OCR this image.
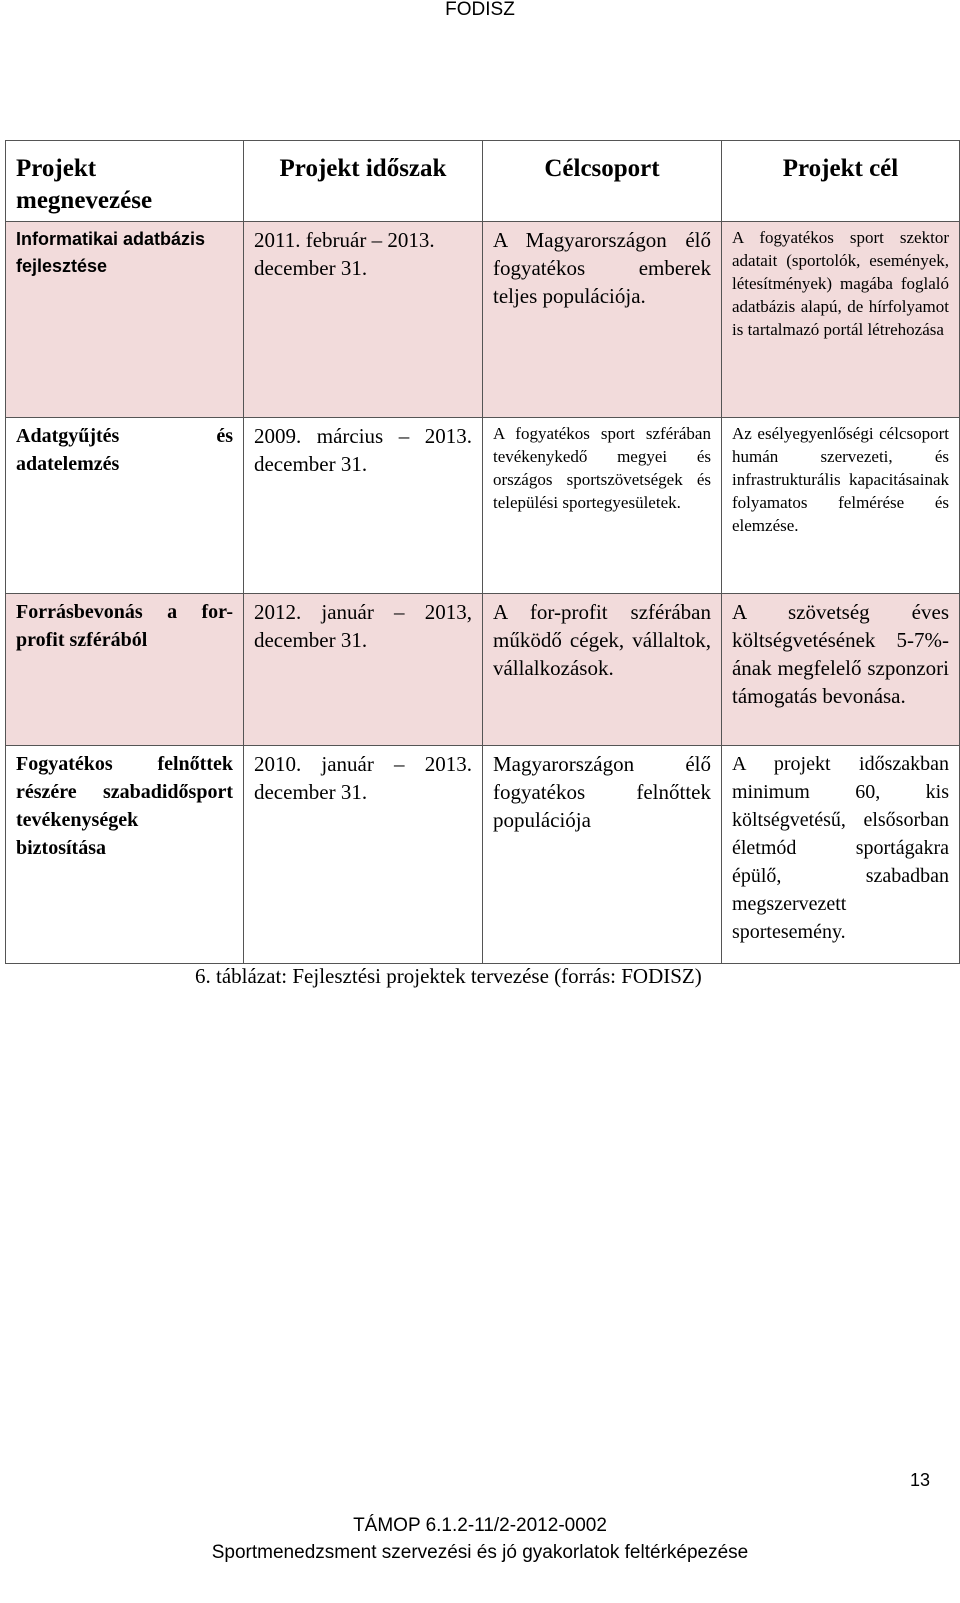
FODISZ
Projekt megnevezése	Projekt időszak	Célcsoport	Projekt cél
Informatikai adatbázis fejlesztése	2011. február – 2013. december 31.	A Magyarországon élő fogyatékos emberek teljes populációja.	A fogyatékos sport szektor adatait (sportolók, események, létesítmények) magába foglaló adatbázis alapú, de hírfolyamot is tartalmazó portál létrehozása
Adatgyűjtés és adatelemzés	2009. március – 2013. december 31.	A fogyatékos sport szférában tevékenykedő megyei és országos sportszövetségek és települési sportegyesületek.	Az esélyegyenlőségi célcsoport humán szervezeti, és infrastrukturális kapacitásainak folyamatos felmérése és elemzése.
Forrásbevonás a for-profit szférából	2012. január – 2013, december 31.	A for-profit szférában működő cégek, vállaltok, vállalkozások.	A szövetség éves költségvetésének 5-7%-ának megfelelő szponzori támogatás bevonása.
Fogyatékos felnőttek részére szabadidősport tevékenységek biztosítása	2010. január – 2013. december 31.	Magyarországon élő fogyatékos felnőttek populációja	A projekt időszakban minimum 60, kis költségvetésű, elsősorban életmód sportágakra épülő, szabadban megszervezett sportesemény.
6. táblázat: Fejlesztési projektek tervezése (forrás: FODISZ)
13
TÁMOP 6.1.2-11/2-2012-0002
Sportmenedzsment szervezési és jó gyakorlatok feltérképezése
